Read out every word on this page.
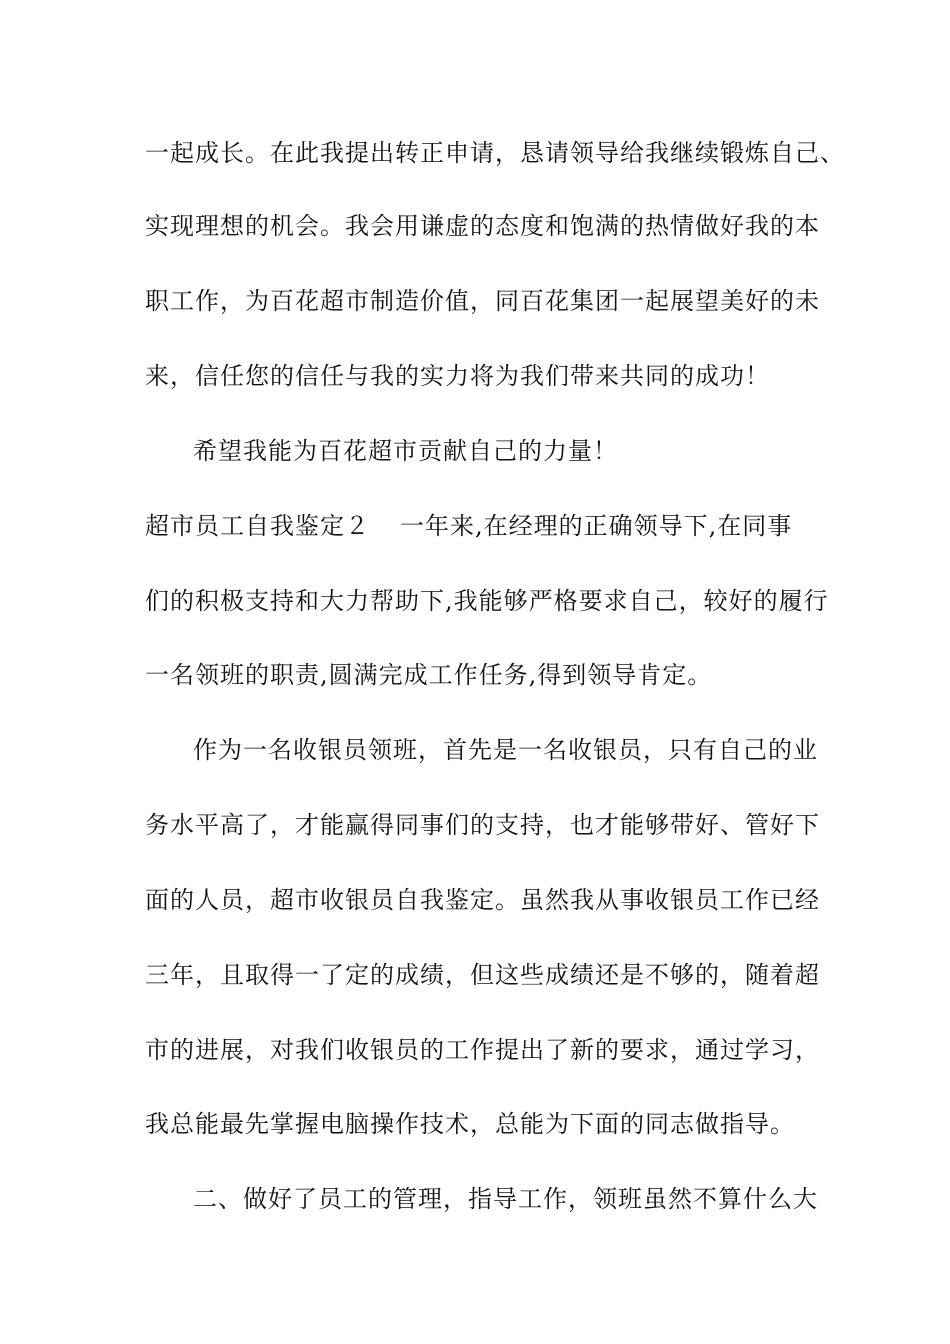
一起成长。在此我提出转正申请，恳请领导给我继续锻炼自己、
实现理想的机会。我会用谦虚的态度和饱满的热情做好我的本
职工作，为百花超市制造价值，同百花集团一起展望美好的未
来，信任您的信任与我的实力将为我们带来共同的成功！
希望我能为百花超市贡献自己的力量！
超市员工自我鉴定２ 一年来,在经理的正确领导下,在同事
们的积极支持和大力帮助下,我能够严格要求自己，较好的履行
一名领班的职责,圆满完成工作任务,得到领导肯定。
作为一名收银员领班，首先是一名收银员，只有自己的业
务水平高了，才能赢得同事们的支持，也才能够带好、管好下
面的人员，超市收银员自我鉴定。虽然我从事收银员工作已经
三年，且取得一了定的成绩，但这些成绩还是不够的，随着超
市的进展，对我们收银员的工作提出了新的要求，通过学习，
我总能最先掌握电脑操作技术，总能为下面的同志做指导。
二、做好了员工的管理，指导工作，领班虽然不算什么大
